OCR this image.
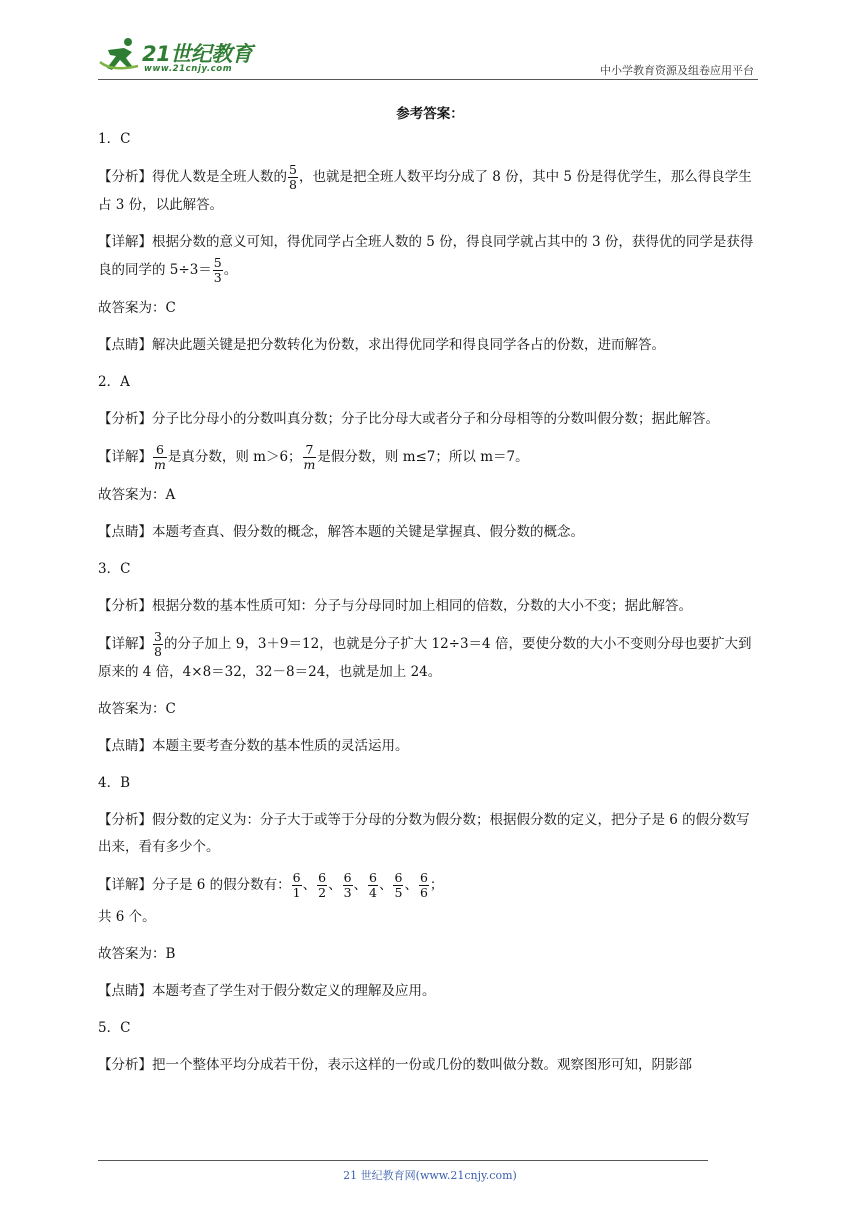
21世纪教育
www.21cnjy.com	中小学教育资源及组卷应用平台
参考答案：
1．C
【分析】得优人数是全班人数的 $\frac{5}{8}$ ，也就是把全班人数平均分成了 8 份，其中 5 份是得优学生，那么得良学生占 3 份，以此解答。
【详解】根据分数的意义可知，得优同学占全班人数的 5 份，得良同学就占其中的 3 份，获得优的同学是获得良的同学的 $5\div 3= \frac{5}{3}$ 。
故答案为：C
【点睛】解决此题关键是把分数转化为份数，求出得优同学和得良同学各占的份数，进而解答。
2．A
【分析】分子比分母小的分数叫真分数；分子比分母大或者分子和分母相等的分数叫假分数；据此解答。
【详解】 $\frac{6}{m}$ 是真分数，则 m＞6； $\frac{7}{m}$ 是假分数，则 m≤7；所以 m＝7。
故答案为：A
【点睛】本题考查真、假分数的概念，解答本题的关键是掌握真、假分数的概念。
3．C
【分析】根据分数的基本性质可知：分子与分母同时加上相同的倍数，分数的大小不变；据此解答。
【详解】 $\frac{3}{8}$ 的分子加上 9，3＋9＝12，也就是分子扩大 12÷3＝4 倍，要使分数的大小不变则分母也要扩大到原来的 4 倍，4×8＝32，32－8＝24，也就是加上 24。
故答案为：C
【点睛】本题主要考查分数的基本性质的灵活运用。
4．B
【分析】假分数的定义为：分子大于或等于分母的分数为假分数；根据假分数的定义，把分子是 6 的假分数写出来，看有多少个。
【详解】分子是 6 的假分数有： $\frac{6}{1}$ 、 $\frac{6}{2}$ 、 $\frac{6}{3}$ 、 $\frac{6}{4}$ 、 $\frac{6}{5}$ 、 $\frac{6}{6}$ ；
共 6 个。
故答案为：B
【点睛】本题考查了学生对于假分数定义的理解及应用。
5．C
【分析】把一个整体平均分成若干份，表示这样的一份或几份的数叫做分数。观察图形可知，阴影部
21 世纪教育网(www.21cnjy.com)
